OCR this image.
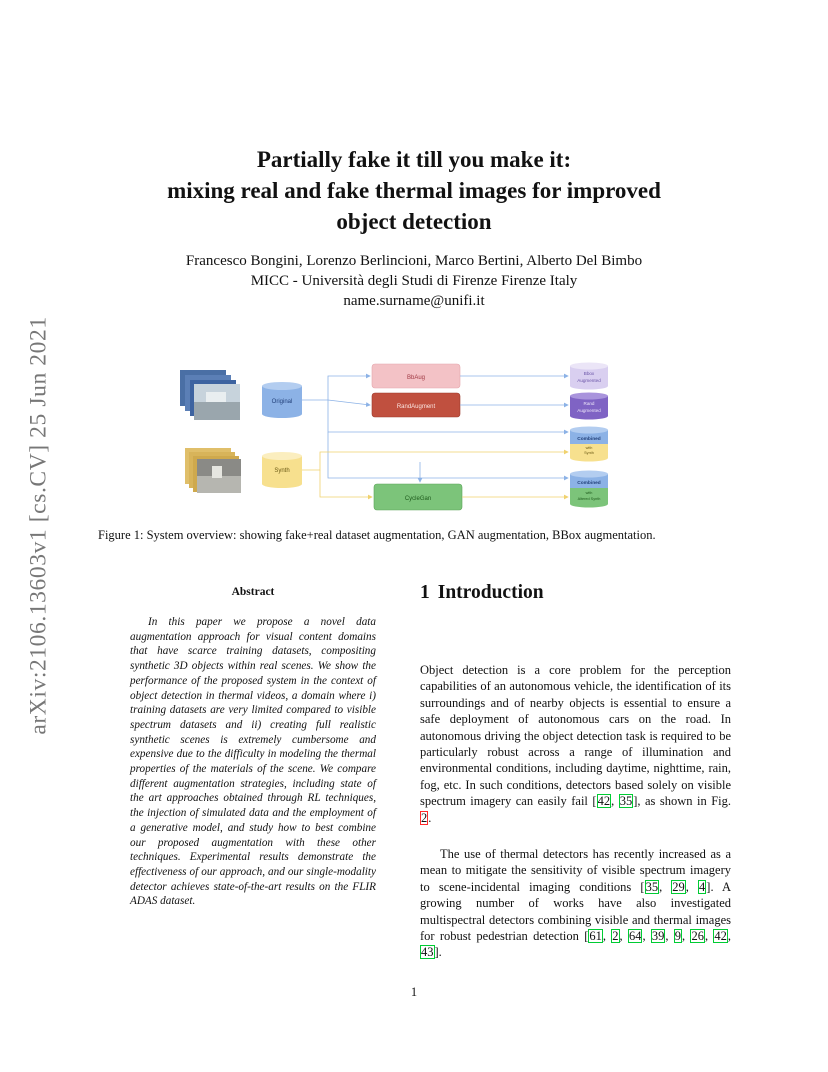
arXiv:2106.13603v1 [cs.CV] 25 Jun 2021
Partially fake it till you make it:
mixing real and fake thermal images for improved
object detection
Francesco Bongini, Lorenzo Berlincioni, Marco Bertini, Alberto Del Bimbo
MICC - Università degli Studi di Firenze Firenze Italy
name.surname@unifi.it
Original
Synth
BbAug
RandAugment
CycleGan
Bbox
Augmented
Rand
Augmented
Combined
with
Synth
Combined
with
Altered Synth
Figure 1: System overview: showing fake+real dataset augmentation, GAN augmentation, BBox augmentation.
Abstract

In this paper we propose a novel data augmentation approach for visual content domains that have scarce training datasets, compositing synthetic 3D objects within real scenes. We show the performance of the proposed system in the context of object detection in thermal videos, a domain where i) training datasets are very limited compared to visible spectrum datasets and ii) creating full realistic synthetic scenes is extremely cumbersome and expensive due to the difficulty in modeling the thermal properties of the materials of the scene. We compare different augmentation strategies, including state of the art approaches obtained through RL techniques, the injection of simulated data and the employment of a generative model, and study how to best combine our proposed augmentation with these other techniques. Experimental results demonstrate the effectiveness of our approach, and our single-modality detector achieves state-of-the-art results on the FLIR ADAS dataset.

1 Introduction

Object detection is a core problem for the perception capabilities of an autonomous vehicle, the identification of its surroundings and of nearby objects is essential to ensure a safe deployment of autonomous cars on the road. In autonomous driving the object detection task is required to be particularly robust across a range of illumination and environmental conditions, including daytime, nighttime, rain, fog, etc. In such conditions, detectors based solely on visible spectrum imagery can easily fail [42, 35], as shown in Fig. 2.

The use of thermal detectors has recently increased as a mean to mitigate the sensitivity of visible spectrum imagery to scene-incidental imaging conditions [35, 29, 4]. A growing number of works have also investigated multispectral detectors combining visible and thermal images for robust pedestrian detection [61, 2, 64, 39, 9, 26, 42, 43].

1
